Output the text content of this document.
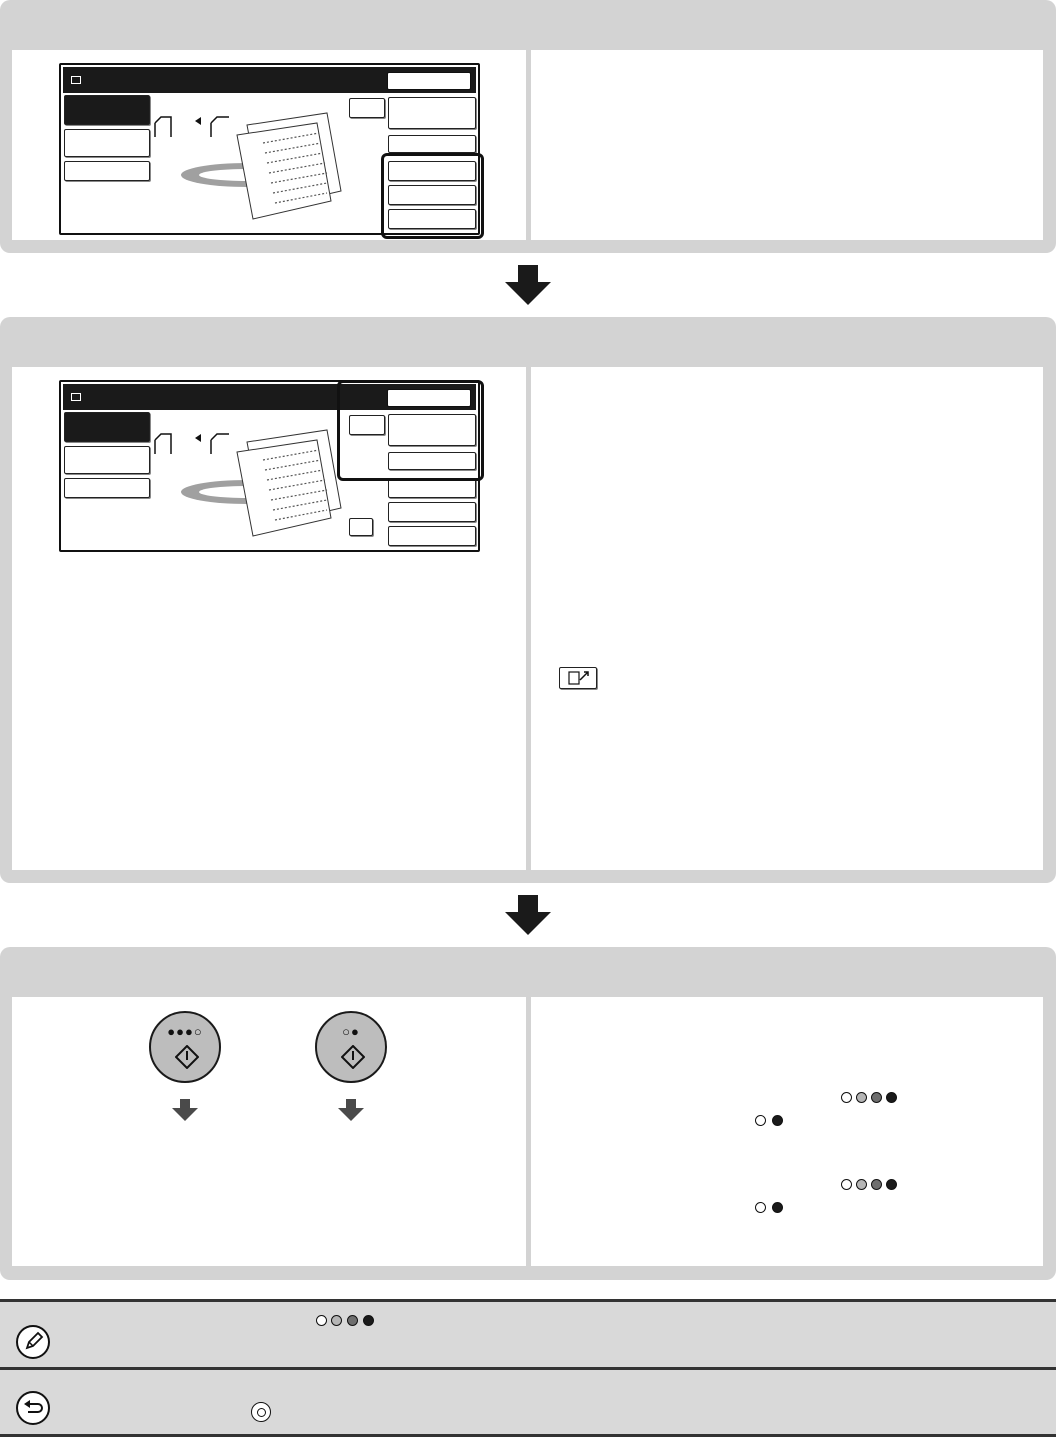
●●●○	○●
